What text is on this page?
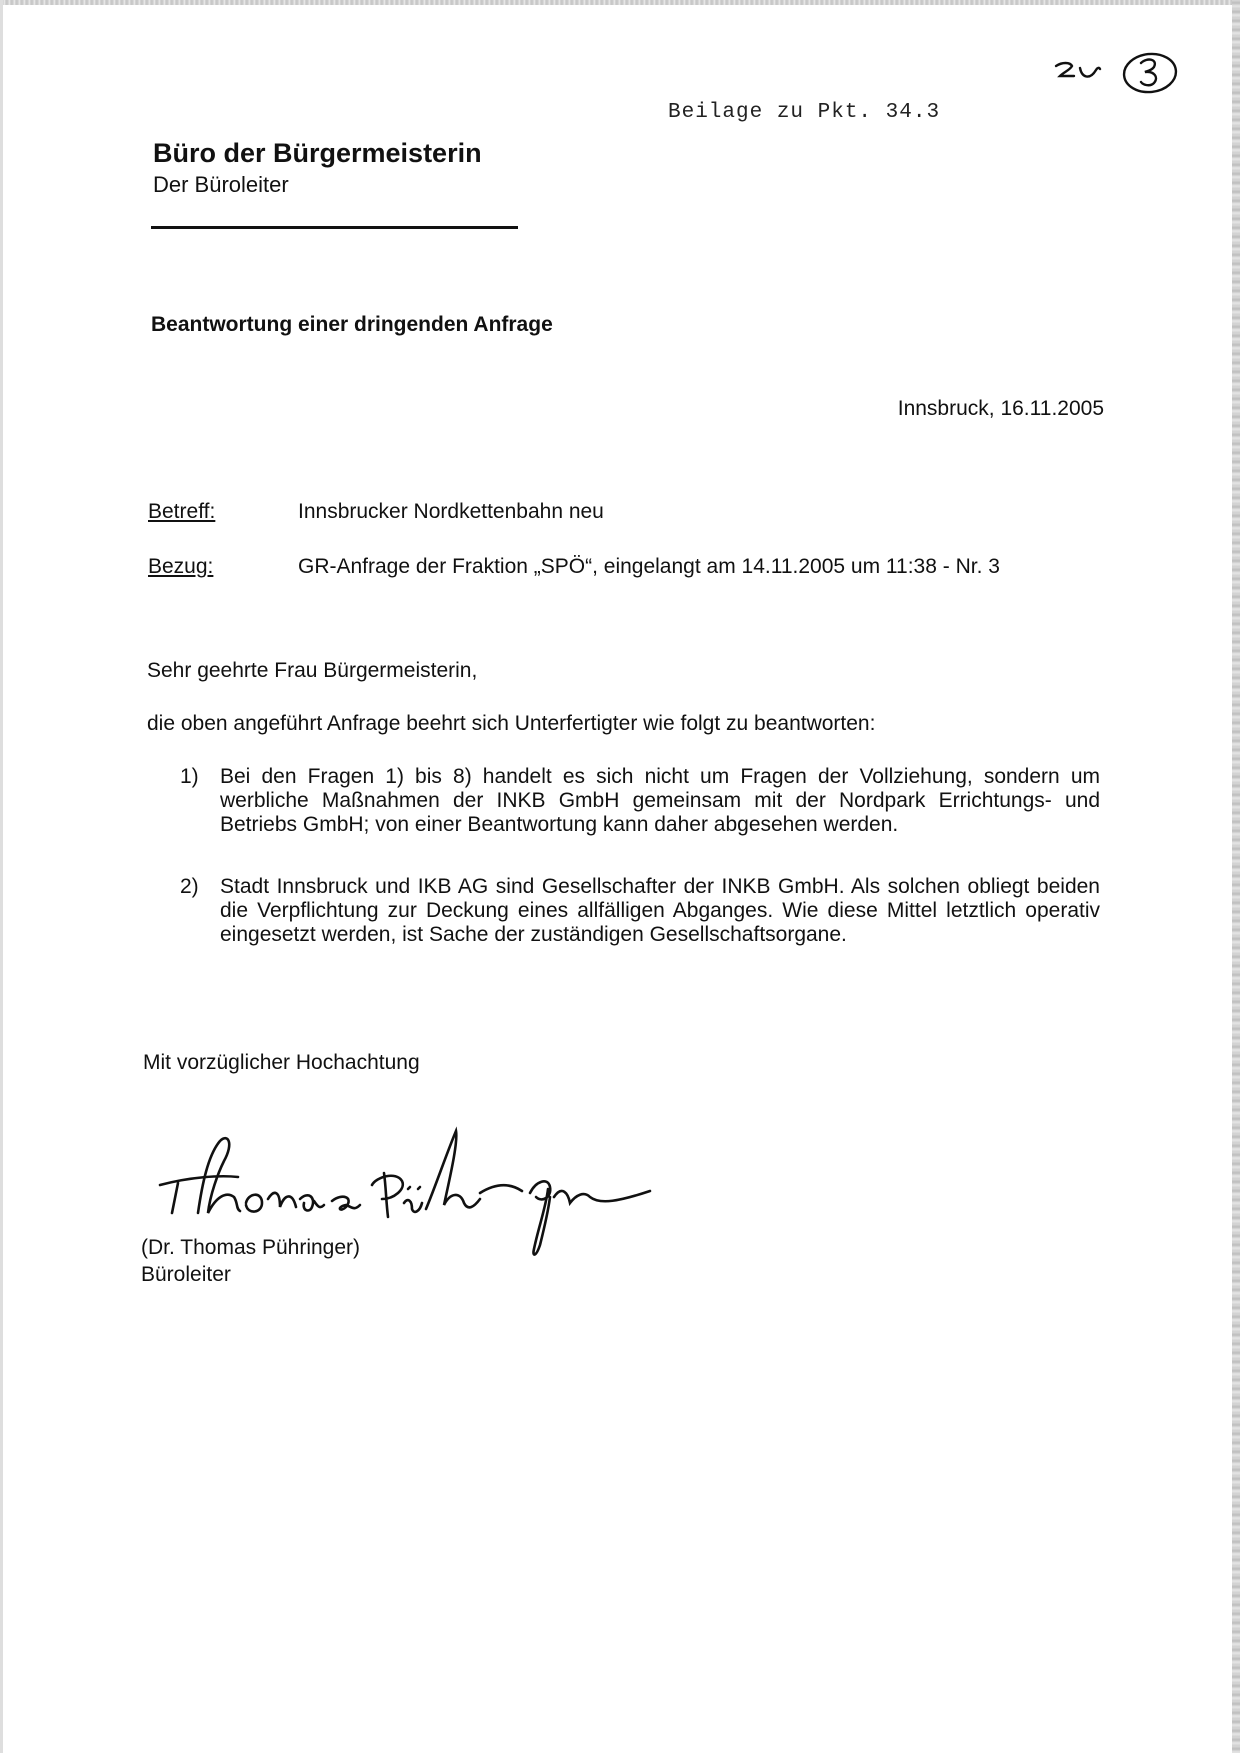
Beilage zu Pkt. 34.3
Büro der Bürgermeisterin
Der Büroleiter
Beantwortung einer dringenden Anfrage
Innsbruck, 16.11.2005
Betreff:	Innsbrucker Nordkettenbahn neu
Bezug:	GR-Anfrage der Fraktion „SPÖ“, eingelangt am 14.11.2005 um 11:38 - Nr. 3
Sehr geehrte Frau Bürgermeisterin,
die oben angeführt Anfrage beehrt sich Unterfertigter wie folgt zu beantworten:
1) Bei den Fragen 1) bis 8) handelt es sich nicht um Fragen der Vollziehung, sondern um werbliche Maßnahmen der INKB GmbH gemeinsam mit der Nordpark Errichtungs- und Betriebs GmbH; von einer Beantwortung kann daher abgesehen werden.
2) Stadt Innsbruck und IKB AG sind Gesellschafter der INKB GmbH. Als solchen obliegt beiden die Verpflichtung zur Deckung eines allfälligen Abganges. Wie diese Mittel letztlich operativ eingesetzt werden, ist Sache der zuständigen Gesellschaftsorgane.
Mit vorzüglicher Hochachtung
(Dr. Thomas Pühringer)
Büroleiter
